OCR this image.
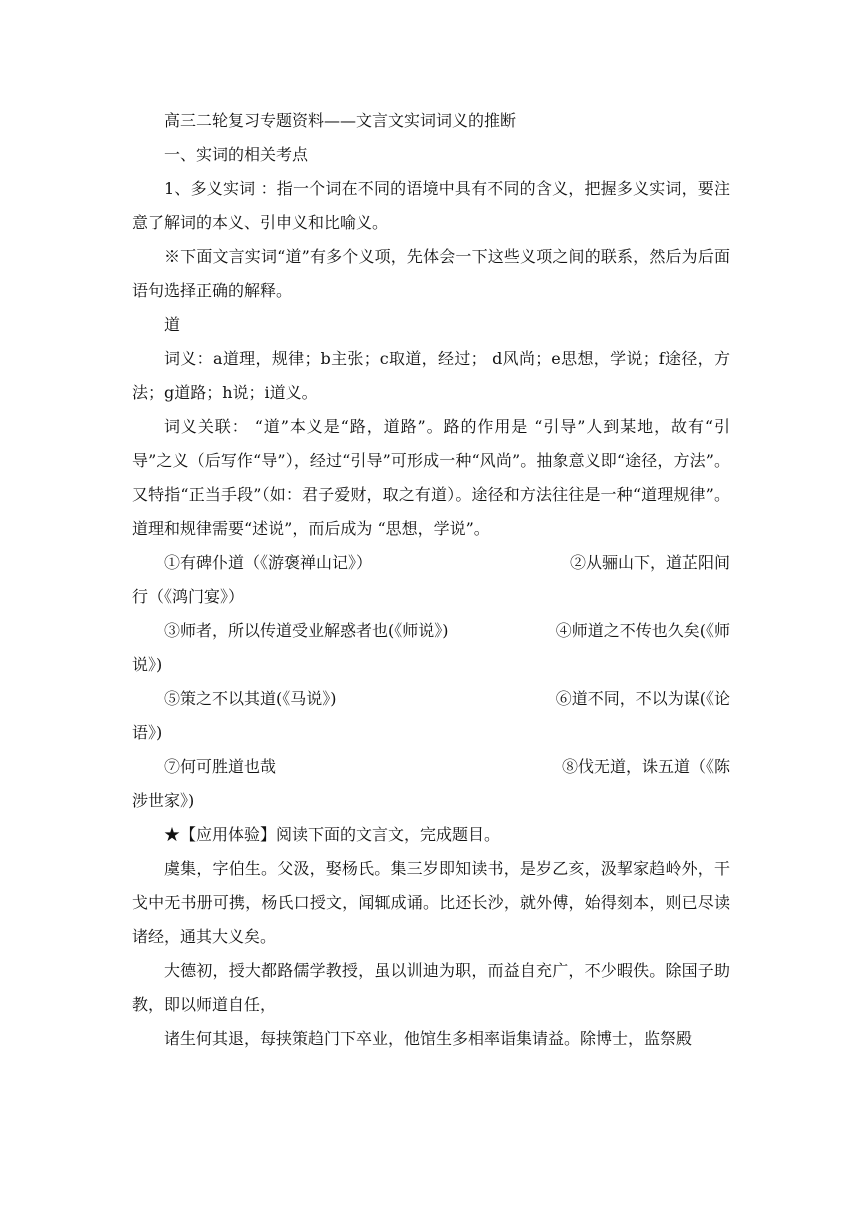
高三二轮复习专题资料——文言文实词词义的推断

一、实词的相关考点

1、多义实词 ：指一个词在不同的语境中具有不同的含义，把握多义实词，要注意了解词的本义、引申义和比喻义。

※下面文言实词“道”有多个义项，先体会一下这些义项之间的联系，然后为后面语句选择正确的解释。

道

词义：a道理，规律；b主张；c取道，经过； d风尚；e思想，学说；f途径，方法；g道路；h说；i道义。

词义关联： “道”本义是“路，道路”。路的作用是 “引导”人到某地，故有“引导”之义（后写作“导”），经过“引导”可形成一种“风尚”。抽象意义即“途径，方法”。又特指“正当手段”（如：君子爱财，取之有道）。途径和方法往往是一种“道理规律”。道理和规律需要“述说”，而后成为 “思想，学说”。

①有碑仆道（《游褒禅山记》）	②从骊山下，道芷阳间

行（《鸿门宴》）

③师者，所以传道受业解惑者也(《师说》)	④师道之不传也久矣(《师

说》)

⑤策之不以其道(《马说》)	⑥道不同，不以为谋(《论

语》)

⑦何可胜道也哉	⑧伐无道，诛五道（《陈

涉世家》)

★【应用体验】阅读下面的文言文，完成题目。

虞集，字伯生。父汲，娶杨氏。集三岁即知读书，是岁乙亥，汲挈家趋岭外，干戈中无书册可携，杨氏口授文，闻辄成诵。比还长沙，就外傅，始得刻本，则已尽读诸经，通其大义矣。

大德初，授大都路儒学教授，虽以训迪为职，而益自充广，不少暇佚。除国子助教，即以师道自任，

诸生何其退，每挟策趋门下卒业，他馆生多相率诣集请益。除博士，监祭殿
